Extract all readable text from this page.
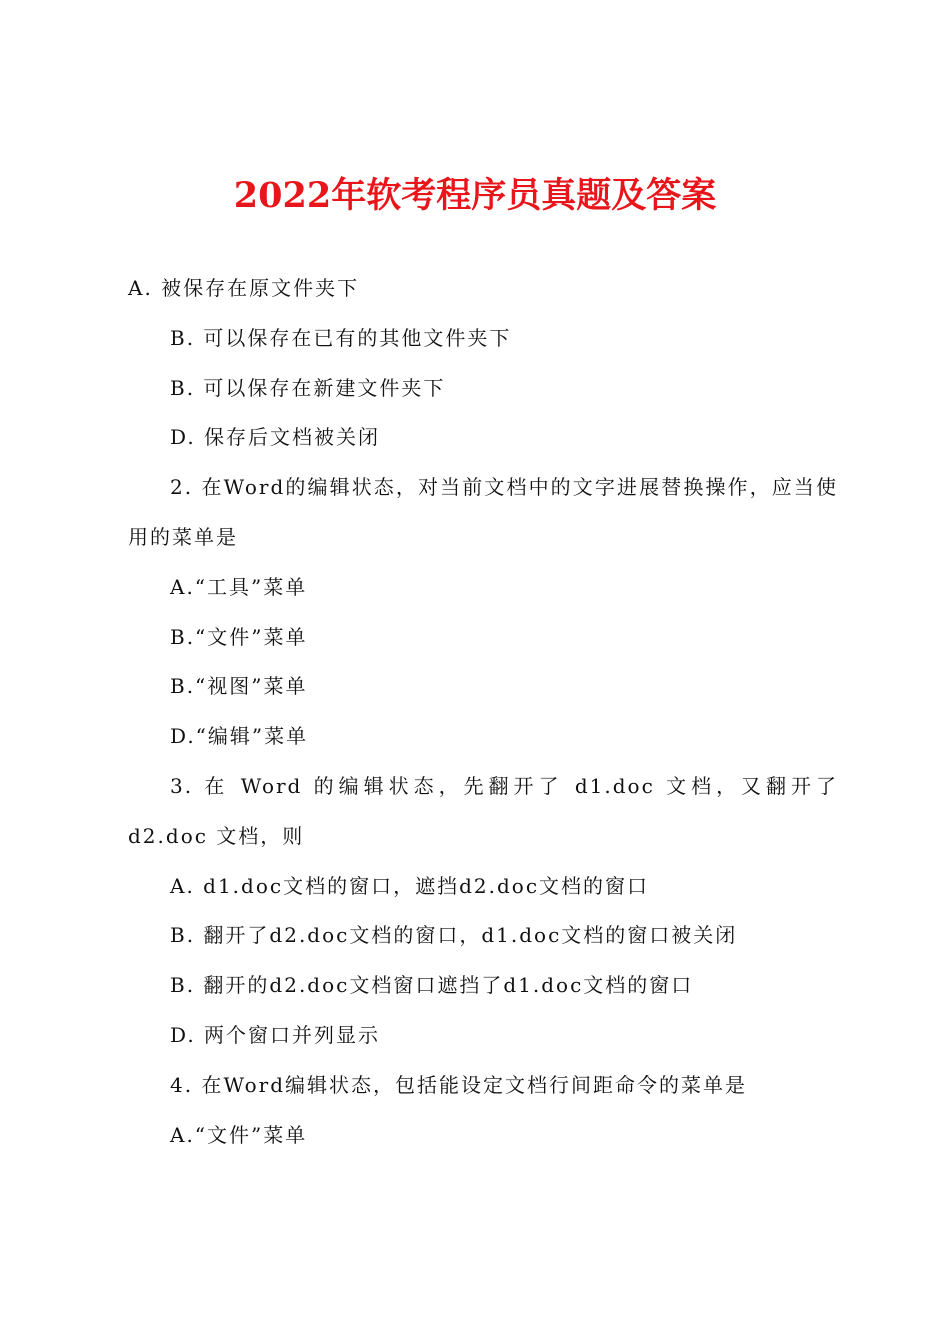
2022年软考程序员真题及答案
A. 被保存在原文件夹下
B. 可以保存在已有的其他文件夹下
B. 可以保存在新建文件夹下
D. 保存后文档被关闭
2. 在Word的编辑状态，对当前文档中的文字进展替换操作，应当使用的菜单是
A.“工具”菜单
B.“文件”菜单
B.“视图”菜单
D.“编辑”菜单
3. 在 Word 的编辑状态，先翻开了 d1.doc 文档，又翻开了 d2.doc 文档，则
A. d1.doc文档的窗口，遮挡d2.doc文档的窗口
B. 翻开了d2.doc文档的窗口，d1.doc文档的窗口被关闭
B. 翻开的d2.doc文档窗口遮挡了d1.doc文档的窗口
D. 两个窗口并列显示
4. 在Word编辑状态，包括能设定文档行间距命令的菜单是
A.“文件”菜单
